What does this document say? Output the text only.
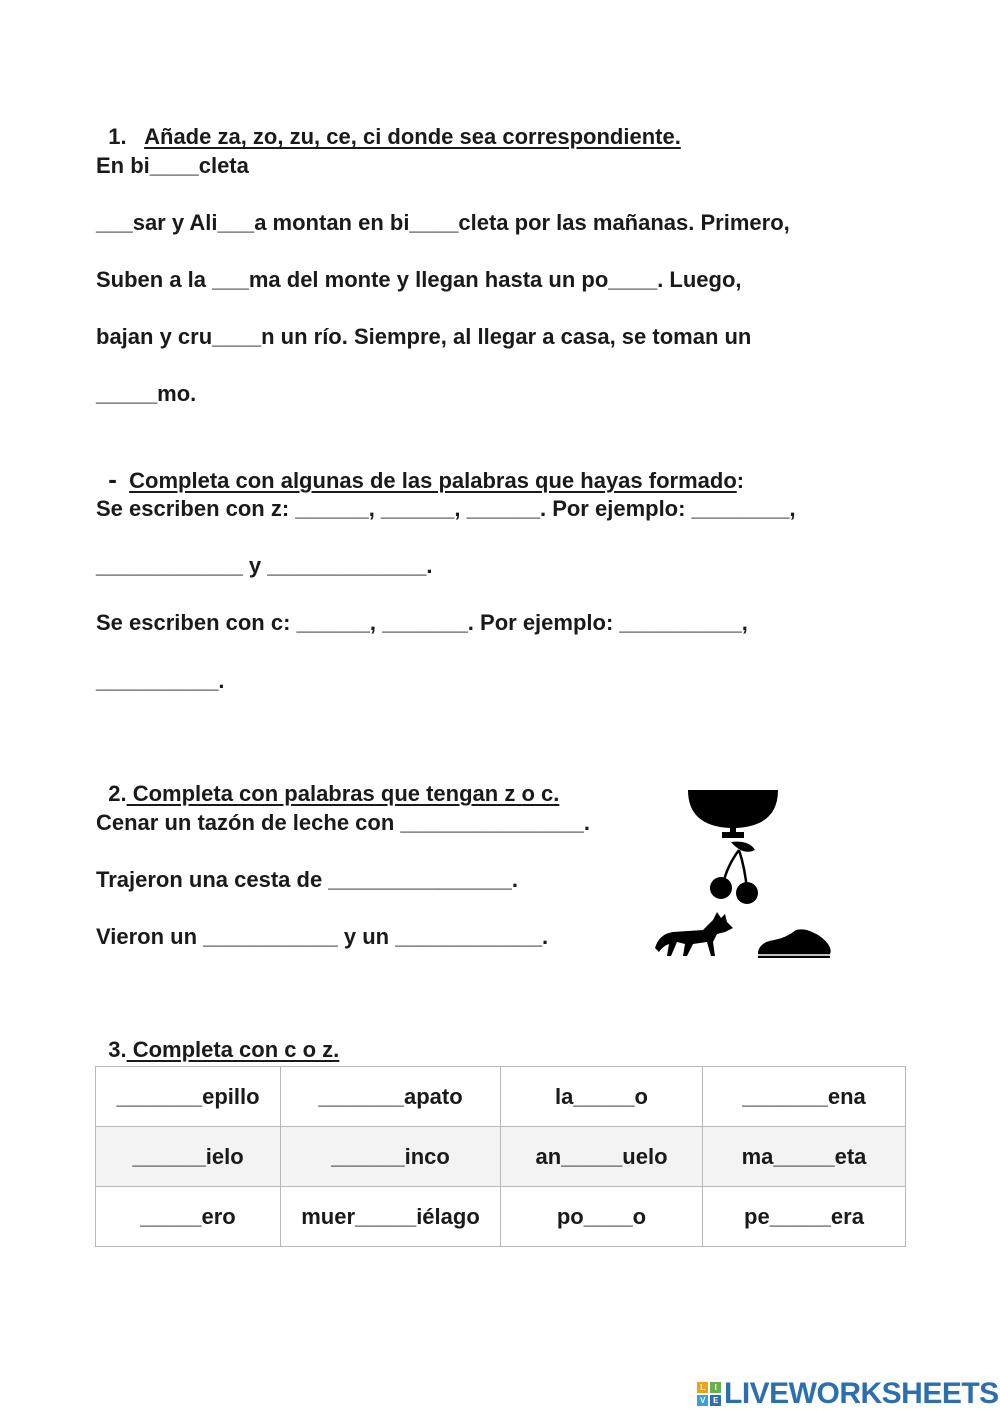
1. Añade za, zo, zu, ce, ci donde sea correspondiente.

En bi____cleta
___sar y Ali___a montan en bi____cleta por las mañanas. Primero,
Suben a la ___ma del monte y llegan hasta un po____. Luego,
bajan y cru____n un río. Siempre, al llegar a casa, se toman un
_____mo.

- Completa con algunas de las palabras que hayas formado:

Se escriben con z: ______, ______, ______. Por ejemplo: ________,
____________ y _____________.
Se escriben con c: ______, _______. Por ejemplo: __________,
__________.

2. Completa con palabras que tengan z o c.

Cenar un tazón de leche con _______________.
Trajeron una cesta de _______________.
Vieron un ___________ y un ____________.

3. Completa con c o z.

_______epillo	_______apato	la_____o	_______ena
______ielo	______inco	an_____uelo	ma_____eta
_____ero	muer_____iélago	po____o	pe_____era
L	I
V	E LIVEWORKSHEETS
